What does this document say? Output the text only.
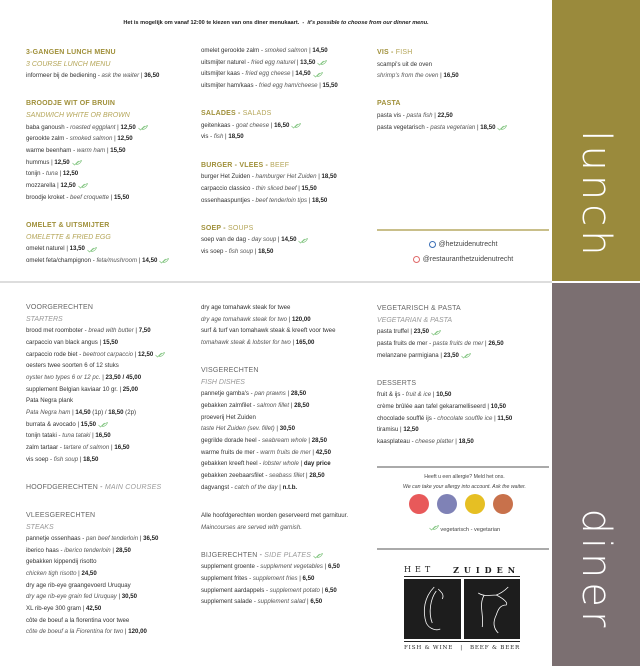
lunch
diner
Het is mogelijk om vanaf 12:00 te kiezen van ons diner menukaart.  -  it's possible to choose from our dinner menu.
3-GANGEN LUNCH MENU
3 COURSE LUNCH MENU
informeer bij de bediening - ask the waiter | 36,50
BROODJE WIT OF BRUIN
SANDWICH WHITE OR BROWN
baba ganoush - roasted eggplant | 12,50
gerookte zalm - smoked salmon | 12,50
warme beenham - warm ham | 15,50
hummus | 12,50
tonijn - tuna | 12,50
mozzarella | 12,50
broodje kroket - beef croquette | 15,50
OMELET & UITSMIJTER
OMELETTE & FRIED EGG
omelet naturel | 13,50
omelet feta/champignon - feta/mushroom | 14,50
omelet gerookte zalm - smoked salmon | 14,50
uitsmijter naturel - fried egg naturel | 13,50
uitsmijter kaas - fried egg cheese | 14,50
uitsmijter ham/kaas - fried egg ham/cheese | 15,50
SALADES - SALADS
geitenkaas - goat cheese | 16,50
vis - fish | 18,50
BURGER - VLEES - BEEF
burger Het Zuiden - hamburger Het Zuiden | 18,50
carpaccio classico - thin sliced beef | 15,50
ossenhaaspuntjes - beef tenderloin tips | 18,50
SOEP - SOUPS
soep van de dag - day soup | 14,50
vis soep - fish soup | 18,50
VIS - FISH
scampi's uit de oven
shrimp's from the oven | 16,50
PASTA
pasta vis - pasta fish | 22,50
pasta vegetarisch - pasta vegetarian | 18,50
@hetzuidenutrecht
@restauranthetzuidenutrecht
VOORGERECHTEN
STARTERS
brood met roomboter - bread with butter | 7,50
carpaccio van black angus | 15,50
carpaccio rode biet - beetroot carpaccio | 12,50
oesters twee soorten 6 of 12 stuks
oyster two types 6 or 12 pc. | 23,50 / 45,00
supplement Belgian kaviaar 10 gr. | 25,00
Pata Negra plank
Pata Negra ham | 14,50 (1p) / 18,50 (2p)
burrata & avocado | 15,50
tonijn tataki - tuna tataki | 16,50
zalm tartaar - tartare of salmon | 16,50
vis soep - fish soup | 18,50
HOOFDGERECHTEN - MAIN COURSES
VLEESGERECHTEN
STEAKS
pannetje ossenhaas - pan beef tenderloin | 36,50
iberico haas - iberico tenderloin | 28,50
gebakken kippendij risotto
chicken tigh risotto | 24,50
dry age rib-eye graangevoerd Uruquay
dry age rib-eye grain fed Uruquay | 30,50
XL rib-eye 300 gram | 42,50
côte de boeuf a la florentina voor twee
côte de boeuf a la Fiorentina for two | 120,00
dry age tomahawk steak for twee
dry age tomahawk steak for two | 120,00
surf & turf van tomahawk steak & kreeft voor twee
tomahawk steak & lobster for two | 165,00
VISGERECHTEN
FISH DISHES
pannetje gamba's - pan prawns | 28,50
gebakken zalmfilet - salmon fillet | 28,50
proeverij Het Zuiden
taste Het Zuiden (sev. fillet) | 30,50
gegrilde dorade heel - seabream whole | 28,50
warme fruits de mer - warm fruits de mer | 42,50
gebakken kreeft heel - lobster whole | day price
gebakken zeebaarsfilet - seabass fillet | 28,50
dagvangst - catch of the day | n.t.b.
Alle hoofdgerechten worden geserveerd met garnituur.
Maincourses are served with garnish.
BIJGERECHTEN - SIDE PLATES
supplement groente - supplement vegetables | 6,50
supplement frites - supplement fries | 6,50
supplement aardappels - supplement potato | 6,50
supplement salade - supplement salad | 6,50
VEGETARISCH & PASTA
VEGETARIAN & PASTA
pasta truffel | 23,50
pasta fruits de mer - pasta fruits de mer | 26,50
melanzane parmigiana | 23,50
DESSERTS
fruit & ijs - fruit & ice | 10,50
crème brûlée aan tafel gekaramelliseerd | 10,50
chocolade soufflé ijs - chocolate souffle ice | 11,50
tiramisu | 12,50
kaasplateau - cheese platter | 18,50
Heeft u een allergie? Meld het ons.
We can take your allergy into account. Ask the waiter.
vegetarisch - vegetarian
HET ZUIDEN
FISH & WINE | BEEF & BEER
